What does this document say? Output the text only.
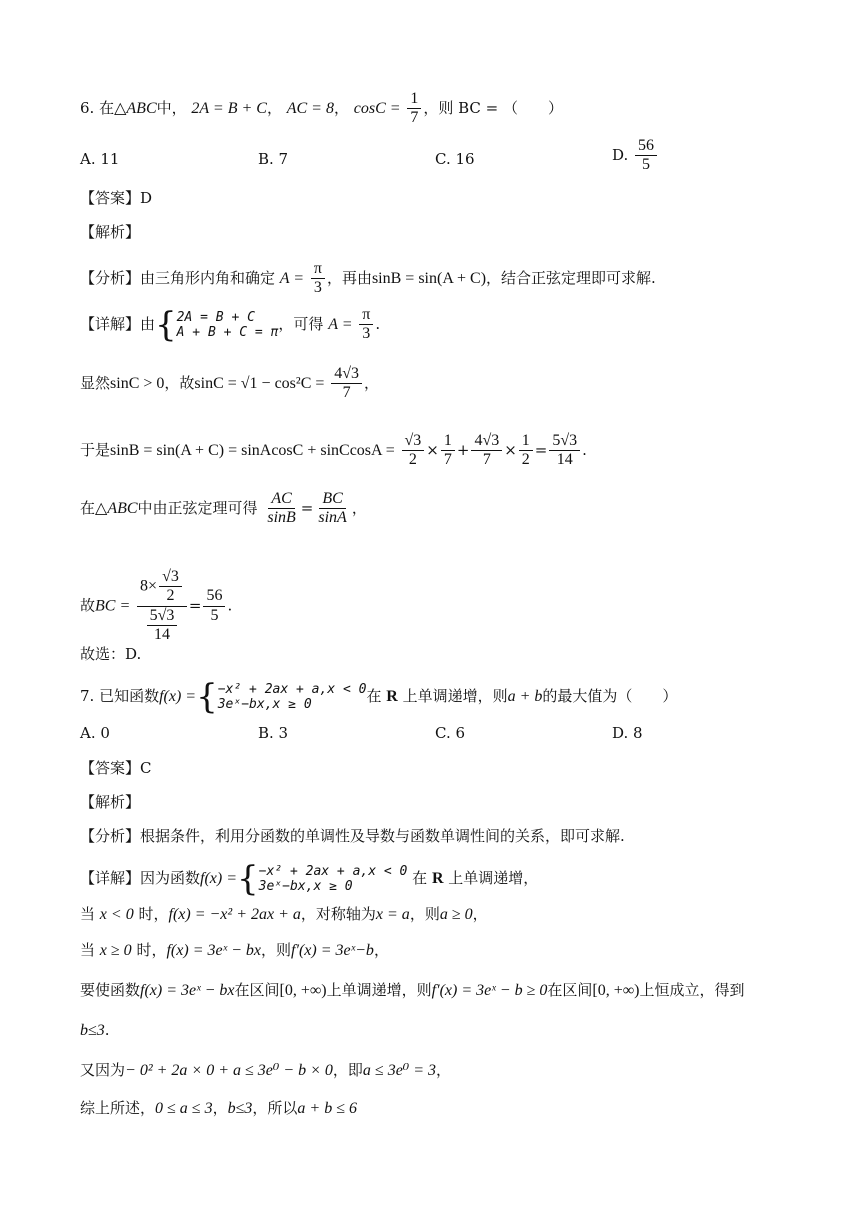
6. 在△ABC中， 2A = B + C， AC = 8， $\cos C = \frac{1}{7}$ ，则 BC = （　　）
A. 11	B. 7	C. 16	D. $\frac{56}{5}$
【答案】D
【解析】
【分析】由三角形内角和确定 $A = \frac{\pi}{3}$ ，再由sinB = sin(A + C)，结合正弦定理即可求解.
【详解】由{ 2A = B + C
A + B + C = π ，可得 $A = \frac{\pi}{3}$ .
显然sinC > 0，故$\sin C = √1 - \cos^2C = \frac{4√3}{7}$ ，
于是sinB = sin(A + C) = sinAcosC + sinCcosA = $\frac{√3}{2} \times \frac{1}{7} + \frac{4√3}{7} \times \frac{1}{2} = \frac{5√3}{14}$ .
在△ABC中由正弦定理可得 $\frac{AC}{\sin B} = \frac{BC}{\sin A}$ ，
故BC = $\frac{8\times \frac{√3}{2}}{\frac{5√3}{14}} = \frac{56}{5}$ .
故选：D.
7. 已知函数f(x) ={ −x² + 2ax + a,x < 0
3eˣ−bx,x ≥ 0	在 R 上单调递增，则a + b的最大值为（　　）
A. 0	B. 3	C. 6	D. 8
【答案】C
【解析】
【分析】根据条件，利用分函数的单调性及导数与函数单调性间的关系，即可求解.
【详解】因为函数f(x) ={ −x² + 2ax + a,x < 0
3eˣ−bx,x ≥ 0	在 R 上单调递增，
当 x < 0 时，f(x) = −x² + 2ax + a，对称轴为x = a，则a ≥ 0，
当 x ≥ 0 时，f(x) = 3eˣ − bx，则f′(x) = 3eˣ−b，
要使函数f(x) = 3eˣ − bx在区间[0, +∞)上单调递增，则f′(x) = 3eˣ − b ≥ 0在区间[0, +∞)上恒成立，得到
b≤3.
又因为− 0² + 2a × 0 + a ≤ 3e⁰ − b × 0，即a ≤ 3e⁰ = 3，
综上所述，0 ≤ a ≤ 3，b≤3，所以a + b ≤ 6
